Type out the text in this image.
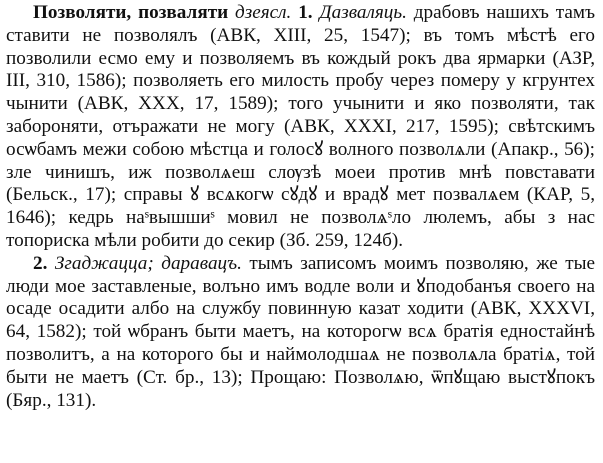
Позволяти, позваляти дзеясл. 1. Дазваляць. драбовъ нашихъ тамъ ставити не позволялъ (АВК, XIII, 25, 1547); въ томъ мѣстѣ его позволили есмо ему и позволяемъ въ кождый рокъ два ярмарки (АЗР, III, 310, 1586); позволяеть его милость пробу через померу у кгрунтех чынити (АВК, XXX, 17, 1589); того учынити и яко позволяти, так забороняти, отъражати не могу (АВК, XXXI, 217, 1595); свѣтскимъ осѡбамъ межи собою мѣстца и голосꙋ волного позволѧли (Апакр., 56); зле чинишъ, иж позволѧеш слѹзѣ моеи против мнѣ повставати (Бельск., 17); справы ꙋ всѧкогѡ сꙋдꙋ и врадꙋ мет позвалѧем (КАР, 5, 1646); кедрь наˢвышшиˢ мовил не позволѧˢло люлемъ, абы з нас топориска мѣли робити до секир (Зб. 259, 124б).

2. Згаджацца; даравацъ. тымъ записомъ моимъ позволяю, же тые люди мое заставленые, волъно имъ водле воли и ꙋподобанъя своего на осаде осадити албо на службу повинную казат ходити (АВК, XXXVI, 64, 1582); той ѡбранъ быти маетъ, на которогѡ всѧ братія едностайнѣ позволитъ, а на которого бы и наймолодшаѧ не позволѧла братіѧ, той быти не маетъ (Ст. бр., 13); Прощаю: Позволѧю, ѿпꙋщаю выстꙋпокъ (Бяр., 131).
